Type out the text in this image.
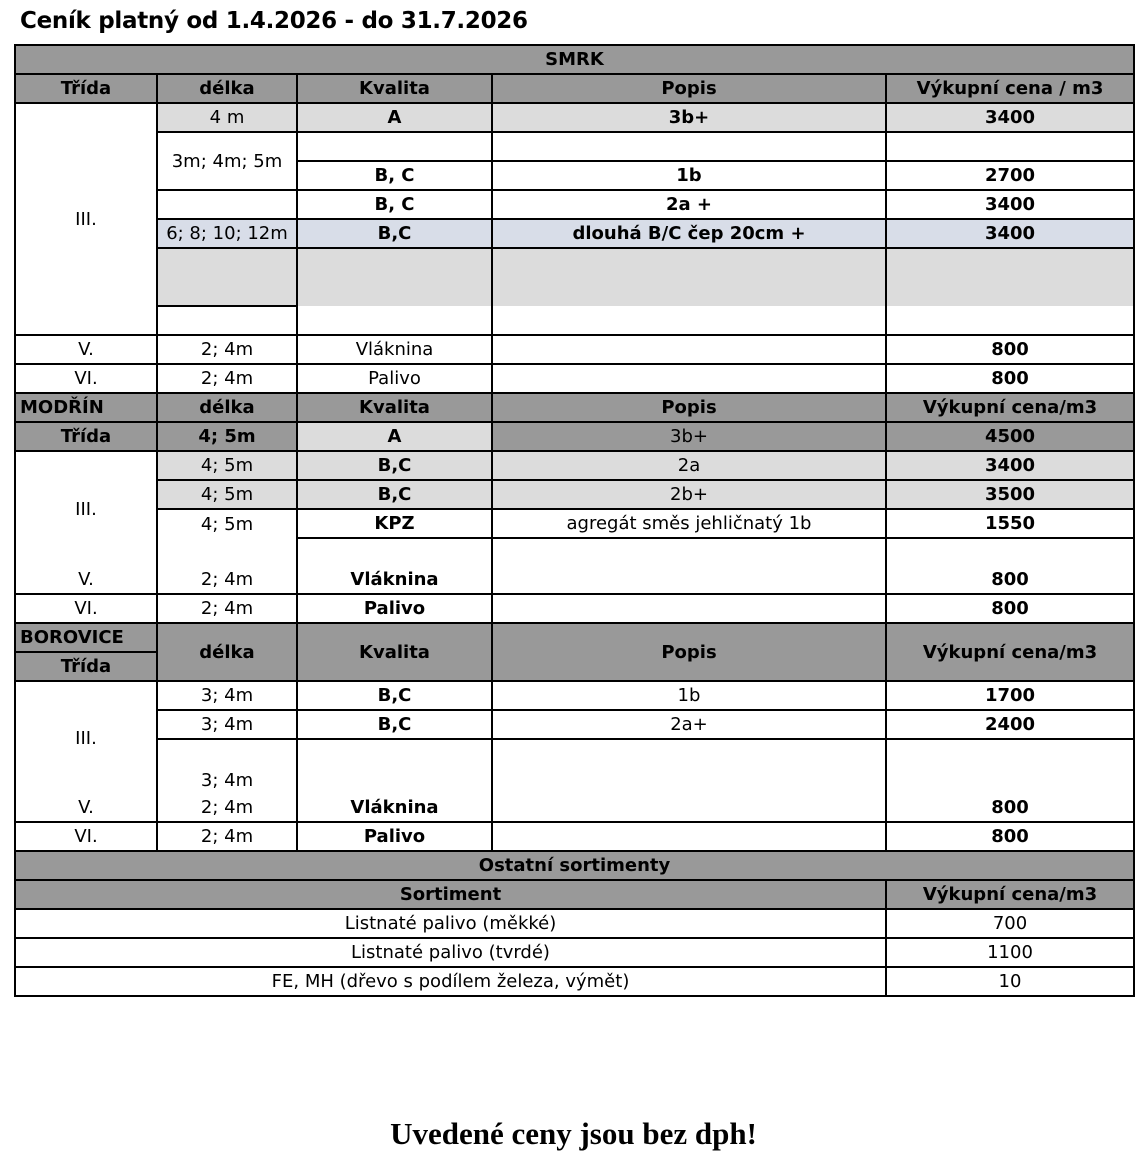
Ceník platný od 1.4.2026 - do 31.7.2026
SMRK					
Třída	délka	Kvalita	Popis	Výkupní cena / m3	
III.	4 m	A	3b+	3400	
	3m; 4m; 5m				
		B, C	1b	2700	
		B, C	2a +	3400	
	6; 8; 10; 12m	B,C	dlouhá B/C čep 20cm +	3400	

V.	2; 4m	Vláknina		800	
VI.	2; 4m	Palivo		800	
MODŘÍN	délka	Kvalita	Popis	Výkupní cena/m3	
Třída	4; 5m	A	3b+	4500	
III.	4; 5m	B,C	2a	3400	
	4; 5m	B,C	2b+	3500	
	4; 5m	KPZ	agregát směs jehličnatý 1b	1550	

V.	2; 4m	Vláknina		800	
VI.	2; 4m	Palivo		800	
BOROVICE	délka	Kvalita	Popis	Výkupní cena/m3	
Třída					
III.	3; 4m	B,C	1b	1700	
	3; 4m	B,C	2a+	2400	

	3; 4m				
V.	2; 4m	Vláknina		800	
VI.	2; 4m	Palivo		800	
Ostatní sortimenty					
Sortiment				Výkupní cena/m3	
Listnaté palivo (měkké)				700	
Listnaté palivo (tvrdé)				1100	
FE, MH (dřevo s podílem železa, výmět)				10	
Uvedené ceny jsou bez dph!
